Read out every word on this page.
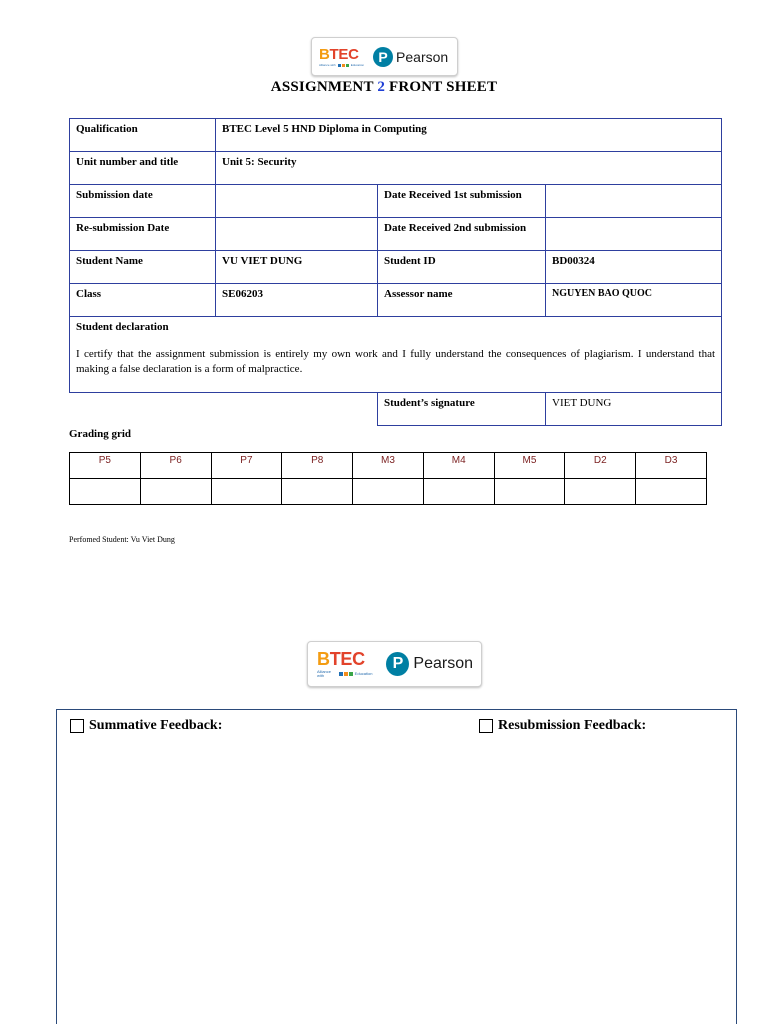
BTEC
Alliance with	Education	P Pearson
ASSIGNMENT 2 FRONT SHEET
Qualification	BTEC Level 5 HND Diploma in Computing		
Unit number and title	Unit 5: Security		
Submission date		Date Received 1st submission	
Re-submission Date		Date Received 2nd submission	
Student Name	VU VIET DUNG	Student ID	BD00324
Class	SE06203	Assessor name	NGUYEN BAO QUOC

Student declaration
I certify that the assignment submission is entirely my own work and I fully understand the consequences of plagiarism. I understand that making a false declaration is a form of malpractice.			

		Student’s signature	VIET DUNG
Grading grid
P5	P6	P7	P8	M3	M4	M5	D2	D3

Perfomed Student: Vu Viet Dung
BTEC
Alliance with	Education
P Pearson
Summative Feedback:	Resubmission Feedback:
